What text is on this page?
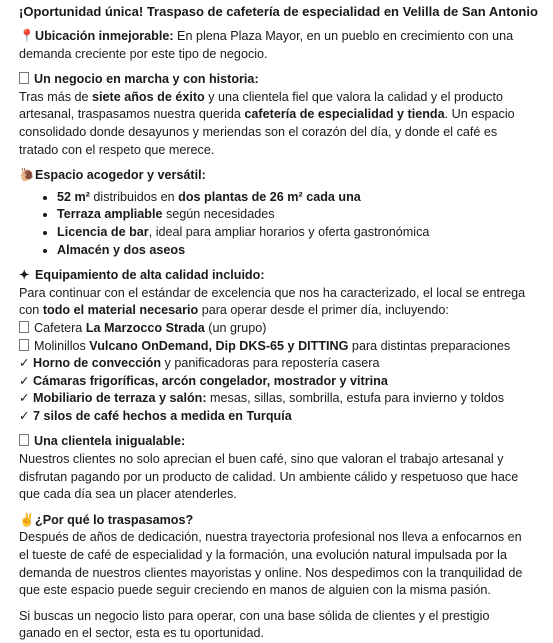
¡Oportunidad única! Traspaso de cafetería de especialidad en Velilla de San Antonio

📍Ubicación inmejorable: En plena Plaza Mayor, en un pueblo en crecimiento con una demanda creciente por este tipo de negocio.

Un negocio en marcha y con historia:

Tras más de siete años de éxito y una clientela fiel que valora la calidad y el producto artesanal, traspasamos nuestra querida cafetería de especialidad y tienda. Un espacio consolidado donde desayunos y meriendas son el corazón del día, y donde el café es tratado con el respeto que merece.

🐌Espacio acogedor y versátil:

• 52 m² distribuidos en dos plantas de 26 m² cada una
• Terraza ampliable según necesidades
• Licencia de bar, ideal para ampliar horarios y oferta gastronómica
• Almacén y dos aseos

✦ Equipamiento de alta calidad incluido:

Para continuar con el estándar de excelencia que nos ha caracterizado, el local se entrega con todo el material necesario para operar desde el primer día, incluyendo:

Cafetera La Marzocco Strada (un grupo)

Molinillos Vulcano OnDemand, Dip DKS-65 y DITTING para distintas preparaciones

✓ Horno de convección y panificadoras para repostería casera

✓ Cámaras frigoríficas, arcón congelador, mostrador y vitrina

✓ Mobiliario de terraza y salón: mesas, sillas, sombrilla, estufa para invierno y toldos

✓ 7 silos de café hechos a medida en Turquía

Una clientela inigualable:

Nuestros clientes no solo aprecian el buen café, sino que valoran el trabajo artesanal y disfrutan pagando por un producto de calidad. Un ambiente cálido y respetuoso que hace que cada día sea un placer atenderles.

✌¿Por qué lo traspasamos?

Después de años de dedicación, nuestra trayectoria profesional nos lleva a enfocarnos en el tueste de café de especialidad y la formación, una evolución natural impulsada por la demanda de nuestros clientes mayoristas y online. Nos despedimos con la tranquilidad de que este espacio puede seguir creciendo en manos de alguien con la misma pasión.

Si buscas un negocio listo para operar, con una base sólida de clientes y el prestigio ganado en el sector, esta es tu oportunidad.
